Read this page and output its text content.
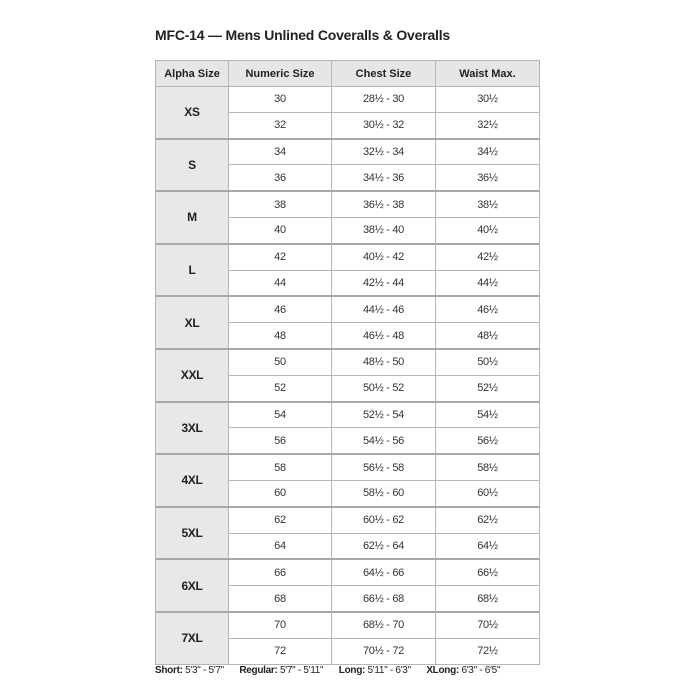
MFC-14 — Mens Unlined Coveralls & Overalls
Alpha Size	Numeric Size	Chest Size	Waist Max.
XS	30	28½ - 30	30½
	32	30½ - 32	32½
S	34	32½ - 34	34½
	36	34½ - 36	36½
M	38	36½ - 38	38½
	40	38½ - 40	40½
L	42	40½ - 42	42½
	44	42½ - 44	44½
XL	46	44½ - 46	46½
	48	46½ - 48	48½
XXL	50	48½ - 50	50½
	52	50½ - 52	52½
3XL	54	52½ - 54	54½
	56	54½ - 56	56½
4XL	58	56½ - 58	58½
	60	58½ - 60	60½
5XL	62	60½ - 62	62½
	64	62½ - 64	64½
6XL	66	64½ - 66	66½
	68	66½ - 68	68½
7XL	70	68½ - 70	70½
	72	70½ - 72	72½
Short: 5'3" - 5'7" Regular: 5'7" - 5'11" Long: 5'11" - 6'3" XLong: 6'3" - 6'5"
